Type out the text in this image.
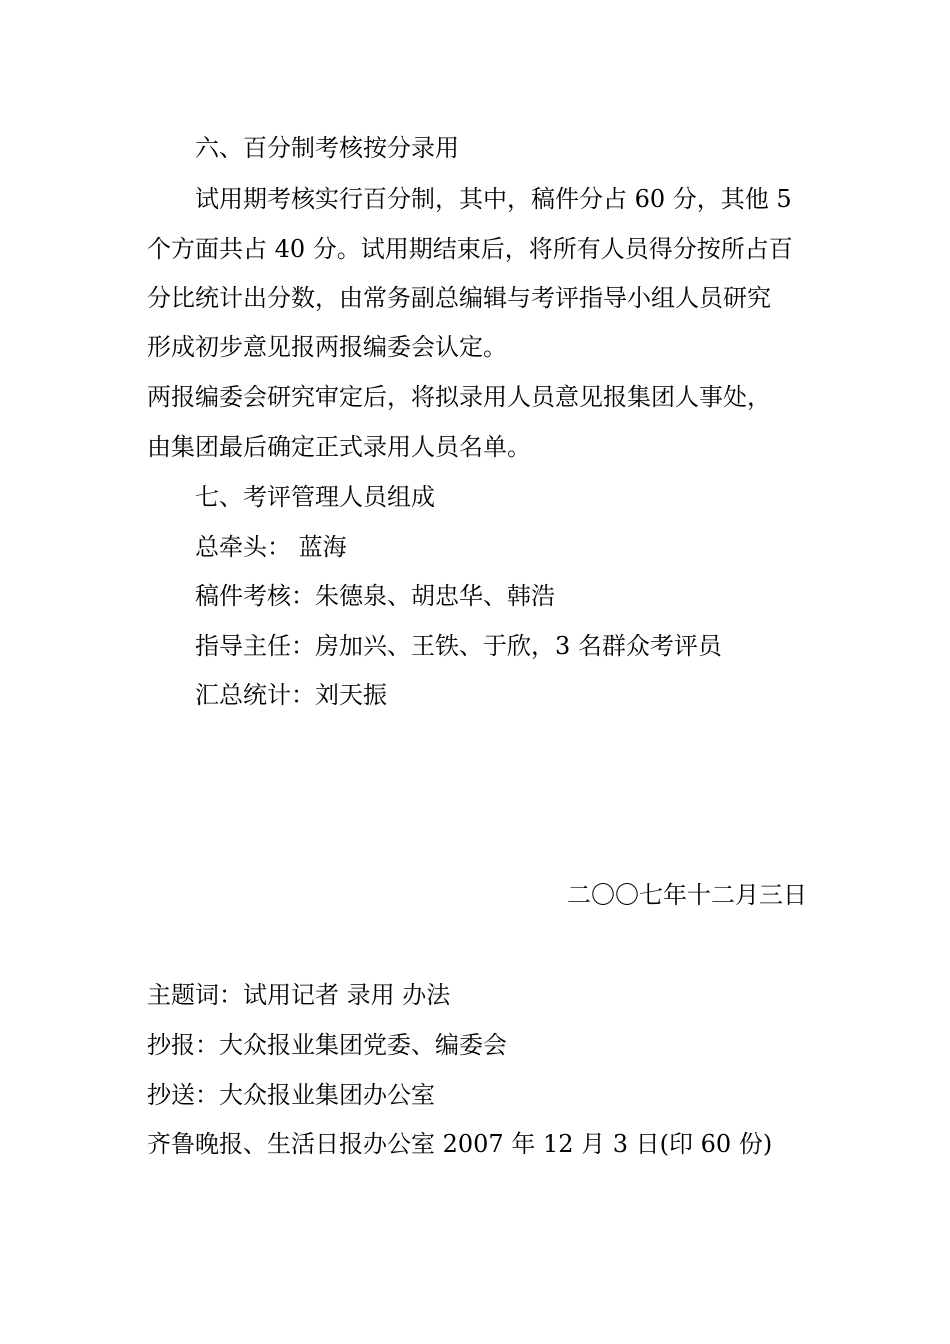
六、百分制考核按分录用
试用期考核实行百分制，其中，稿件分占 60 分，其他 5
个方面共占 40 分。试用期结束后，将所有人员得分按所占百
分比统计出分数，由常务副总编辑与考评指导小组人员研究
形成初步意见报两报编委会认定。
两报编委会研究审定后，将拟录用人员意见报集团人事处，
由集团最后确定正式录用人员名单。
七、考评管理人员组成
总牵头： 蓝海
稿件考核：朱德泉、胡忠华、韩浩
指导主任：房加兴、王铁、于欣，3 名群众考评员
汇总统计：刘天振
二〇〇七年十二月三日
主题词：试用记者 录用 办法
抄报：大众报业集团党委、编委会
抄送：大众报业集团办公室
齐鲁晚报、生活日报办公室 2007 年 12 月 3 日(印 60 份)
